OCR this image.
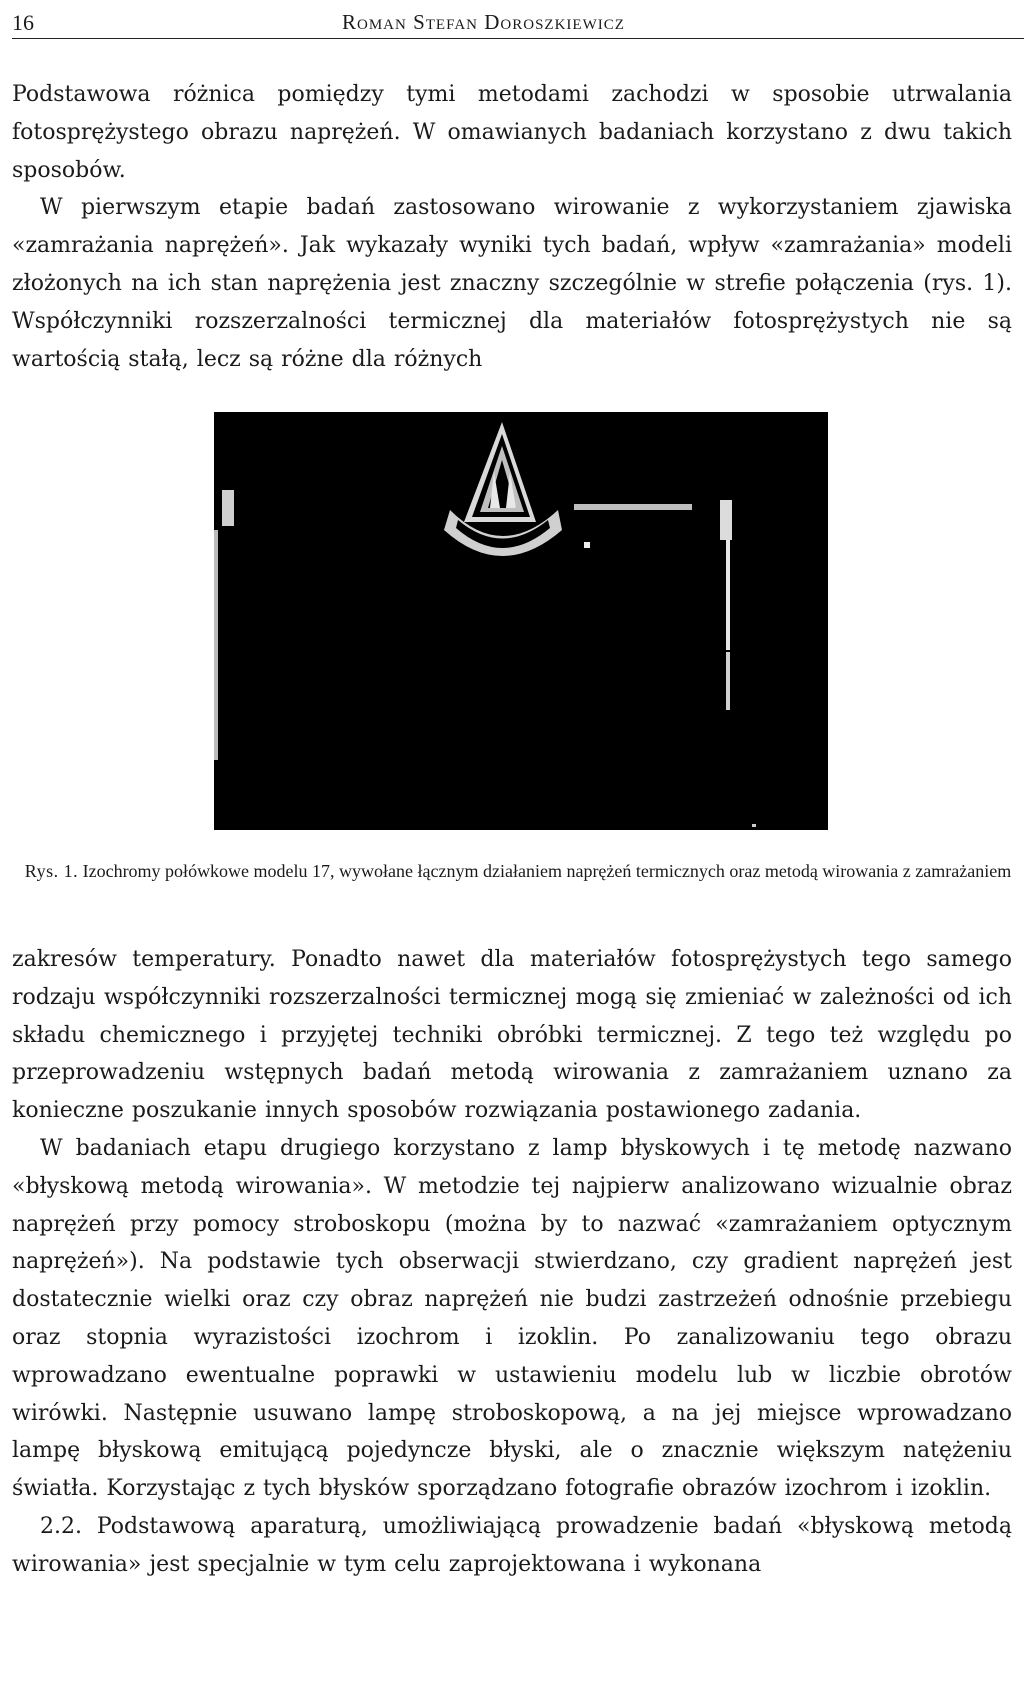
16	Roman Stefan Doroszkiewicz

Podstawowa różnica pomiędzy tymi metodami zachodzi w sposobie utrwalania fotosprężystego obrazu naprężeń. W omawianych badaniach korzystano z dwu takich sposobów.

W pierwszym etapie badań zastosowano wirowanie z wykorzystaniem zjawiska «zamrażania naprężeń». Jak wykazały wyniki tych badań, wpływ «zamrażania» modeli złożonych na ich stan naprężenia jest znaczny szczególnie w strefie połączenia (rys. 1). Współczynniki rozszerzalności termicznej dla materiałów fotosprężystych nie są wartością stałą, lecz są różne dla różnych

Rys. 1. Izochromy połówkowe modelu 17, wywołane łącznym działaniem naprężeń termicznych oraz metodą wirowania z zamrażaniem

zakresów temperatury. Ponadto nawet dla materiałów fotosprężystych tego samego rodzaju współczynniki rozszerzalności termicznej mogą się zmieniać w zależności od ich składu chemicznego i przyjętej techniki obróbki termicznej. Z tego też względu po przeprowadzeniu wstępnych badań metodą wirowania z zamrażaniem uznano za konieczne poszukanie innych sposobów rozwiązania postawionego zadania.

W badaniach etapu drugiego korzystano z lamp błyskowych i tę metodę nazwano «błyskową metodą wirowania». W metodzie tej najpierw analizowano wizualnie obraz naprężeń przy pomocy stroboskopu (można by to nazwać «zamrażaniem optycznym naprężeń»). Na podstawie tych obserwacji stwierdzano, czy gradient naprężeń jest dostatecznie wielki oraz czy obraz naprężeń nie budzi zastrzeżeń odnośnie przebiegu oraz stopnia wyrazistości izochrom i izoklin. Po zanalizowaniu tego obrazu wprowadzano ewentualne poprawki w ustawieniu modelu lub w liczbie obrotów wirówki. Następnie usuwano lampę stroboskopową, a na jej miejsce wprowadzano lampę błyskową emitującą pojedyncze błyski, ale o znacznie większym natężeniu światła. Korzystając z tych błysków sporządzano fotografie obrazów izochrom i izoklin.

2.2. Podstawową aparaturą, umożliwiającą prowadzenie badań «błyskową metodą wirowania» jest specjalnie w tym celu zaprojektowana i wykonana
